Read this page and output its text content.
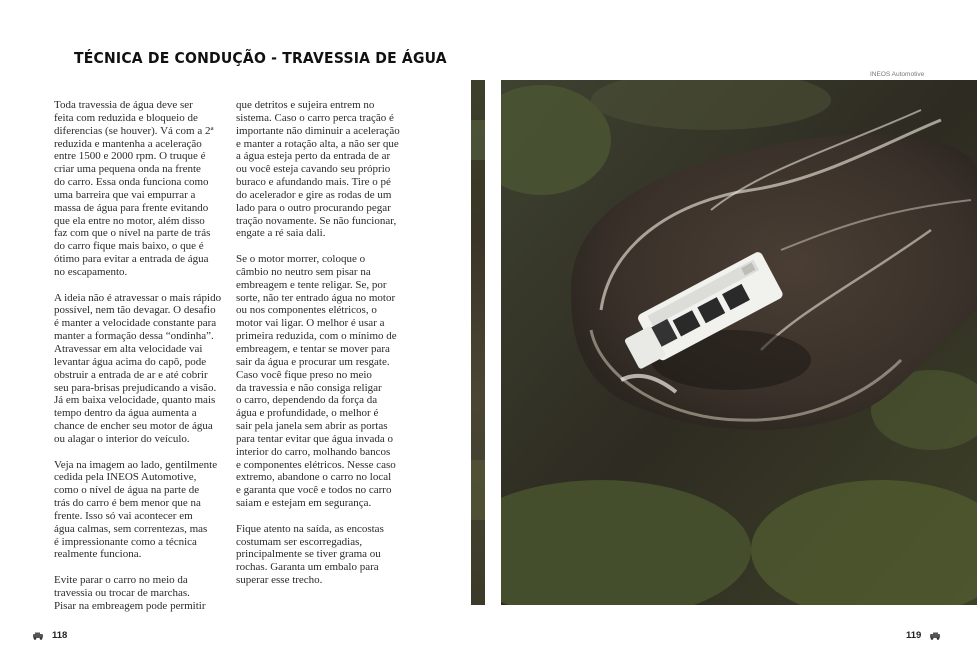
TÉCNICA DE CONDUÇÃO - TRAVESSIA DE ÁGUA

Toda travessia de água deve ser
feita com reduzida e bloqueio de
diferencias (se houver). Vá com a 2ª
reduzida e mantenha a aceleração
entre 1500 e 2000 rpm. O truque é
criar uma pequena onda na frente
do carro. Essa onda funciona como
uma barreira que vai empurrar a
massa de água para frente evitando
que ela entre no motor, além disso
faz com que o nível na parte de trás
do carro fique mais baixo, o que é
ótimo para evitar a entrada de água
no escapamento.

A ideia não é atravessar o mais rápido
possível, nem tão devagar. O desafio
é manter a velocidade constante para
manter a formação dessa “ondinha”.
Atravessar em alta velocidade vai
levantar água acima do capô, pode
obstruir a entrada de ar e até cobrir
seu para-brisas prejudicando a visão.
Já em baixa velocidade, quanto mais
tempo dentro da água aumenta a
chance de encher seu motor de água
ou alagar o interior do veículo.

Veja na imagem ao lado, gentilmente
cedida pela INEOS Automotive,
como o nível de água na parte de
trás do carro é bem menor que na
frente. Isso só vai acontecer em
água calmas, sem correntezas, mas
é impressionante como a técnica
realmente funciona.

Evite parar o carro no meio da
travessia ou trocar de marchas.
Pisar na embreagem pode permitir

que detritos e sujeira entrem no
sistema. Caso o carro perca tração é
importante não diminuir a aceleração
e manter a rotação alta, a não ser que
a água esteja perto da entrada de ar
ou você esteja cavando seu próprio
buraco e afundando mais. Tire o pé
do acelerador e gire as rodas de um
lado para o outro procurando pegar
tração novamente. Se não funcionar,
engate a ré saia dali.

Se o motor morrer, coloque o
câmbio no neutro sem pisar na
embreagem e tente religar. Se, por
sorte, não ter entrado água no motor
ou nos componentes elétricos, o
motor vai ligar. O melhor é usar a
primeira reduzida, com o mínimo de
embreagem, e tentar se mover para
sair da água e procurar um resgate.
Caso você fique preso no meio
da travessia e não consiga religar
o carro, dependendo da força da
água e profundidade, o melhor é
sair pela janela sem abrir as portas
para tentar evitar que água invada o
interior do carro, molhando bancos
e componentes elétricos. Nesse caso
extremo, abandone o carro no local
e garanta que você e todos no carro
saiam e estejam em segurança.

Fique atento na saída, as encostas
costumam ser escorregadias,
principalmente se tiver grama ou
rochas. Garanta um embalo para
superar esse trecho.

INEOS Automotive
118	119
